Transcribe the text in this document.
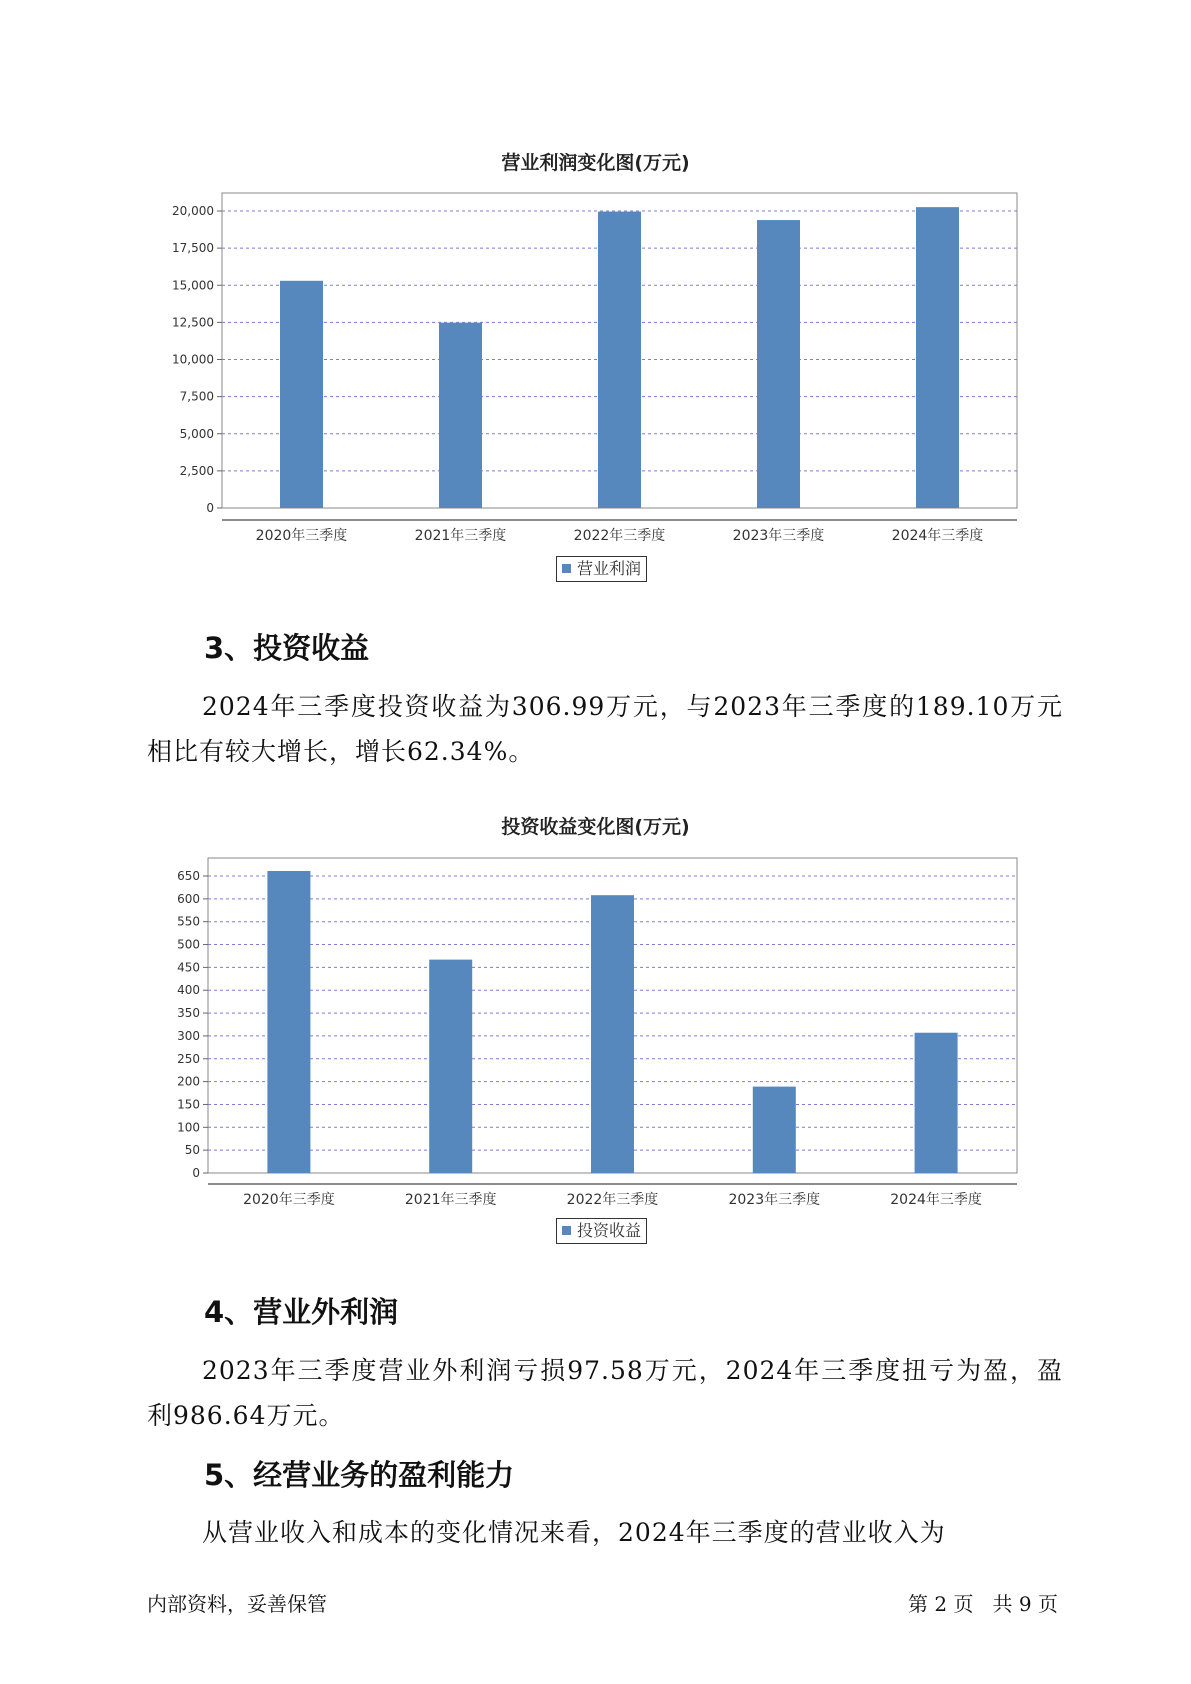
营业利润变化图(万元)
0
2,500
5,000
7,500
10,000
12,500
15,000
17,500
20,000
2020年三季度	2021年三季度	2022年三季度	2023年三季度	2024年三季度
营业利润
3、投资收益
2024年三季度投资收益为306.99万元，与2023年三季度的189.10万元相比有较大增长，增长62.34%。
投资收益变化图(万元)
0
50
100
150
200
250
300
350
400
450
500
550
600
650
2020年三季度	2021年三季度	2022年三季度	2023年三季度	2024年三季度
投资收益
4、营业外利润
2023年三季度营业外利润亏损97.58万元，2024年三季度扭亏为盈，盈利986.64万元。
5、经营业务的盈利能力
从营业收入和成本的变化情况来看，2024年三季度的营业收入为
内部资料，妥善保管	第 2 页   共 9 页
